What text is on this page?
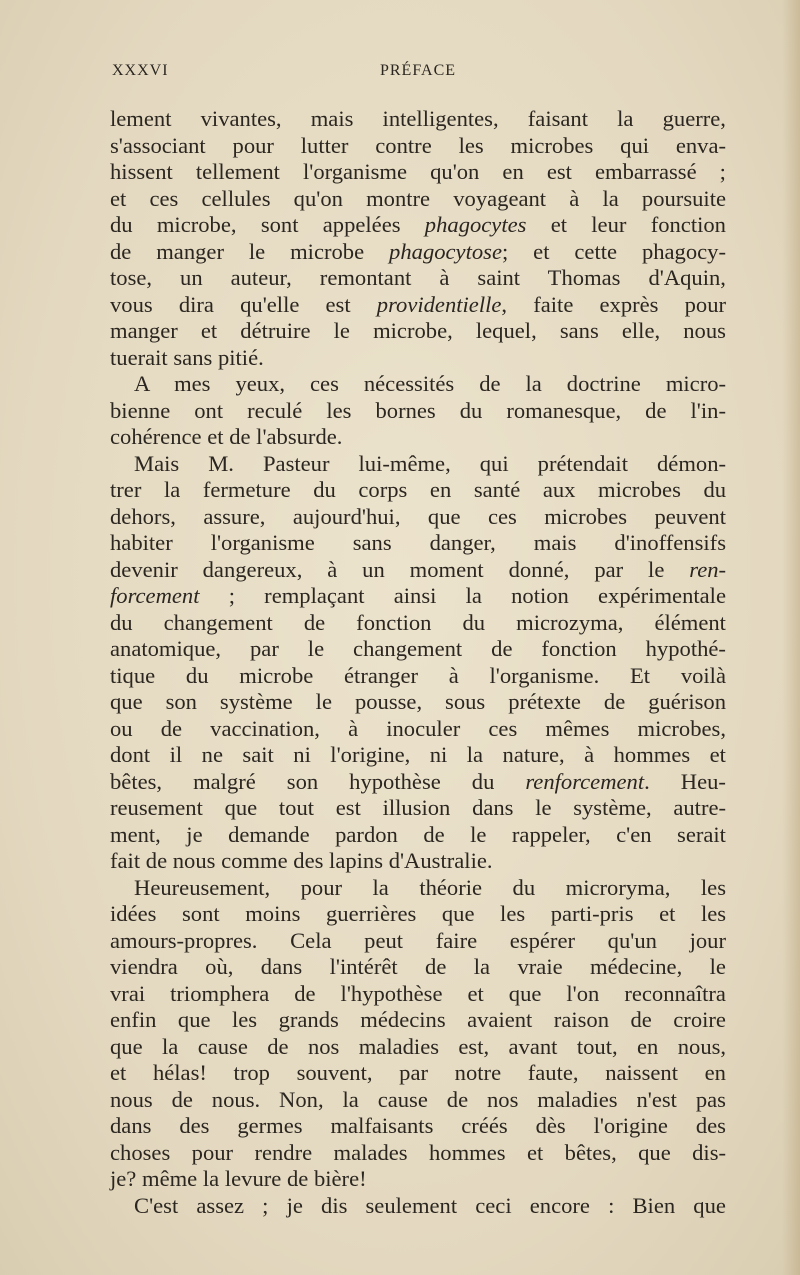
XXXVI	PRÉFACE

lement vivantes, mais intelligentes, faisant la guerre,
s'associant pour lutter contre les microbes qui enva-
hissent tellement l'organisme qu'on en est embarrassé ;
et ces cellules qu'on montre voyageant à la poursuite
du microbe, sont appelées phagocytes et leur fonction
de manger le microbe phagocytose; et cette phagocy-
tose, un auteur, remontant à saint Thomas d'Aquin,
vous dira qu'elle est providentielle, faite exprès pour
manger et détruire le microbe, lequel, sans elle, nous
tuerait sans pitié.

A mes yeux, ces nécessités de la doctrine micro-
bienne ont reculé les bornes du romanesque, de l'in-
cohérence et de l'absurde.

Mais M. Pasteur lui-même, qui prétendait démon-
trer la fermeture du corps en santé aux microbes du
dehors, assure, aujourd'hui, que ces microbes peuvent
habiter l'organisme sans danger, mais d'inoffensifs
devenir dangereux, à un moment donné, par le ren-
forcement ; remplaçant ainsi la notion expérimentale
du changement de fonction du microzyma, élément
anatomique, par le changement de fonction hypothé-
tique du microbe étranger à l'organisme. Et voilà
que son système le pousse, sous prétexte de guérison
ou de vaccination, à inoculer ces mêmes microbes,
dont il ne sait ni l'origine, ni la nature, à hommes et
bêtes, malgré son hypothèse du renforcement. Heu-
reusement que tout est illusion dans le système, autre-
ment, je demande pardon de le rappeler, c'en serait
fait de nous comme des lapins d'Australie.

Heureusement, pour la théorie du microryma, les
idées sont moins guerrières que les parti-pris et les
amours-propres. Cela peut faire espérer qu'un jour
viendra où, dans l'intérêt de la vraie médecine, le
vrai triomphera de l'hypothèse et que l'on reconnaîtra
enfin que les grands médecins avaient raison de croire
que la cause de nos maladies est, avant tout, en nous,
et hélas! trop souvent, par notre faute, naissent en
nous de nous. Non, la cause de nos maladies n'est pas
dans des germes malfaisants créés dès l'origine des
choses pour rendre malades hommes et bêtes, que dis-
je? même la levure de bière!

C'est assez ; je dis seulement ceci encore : Bien que
